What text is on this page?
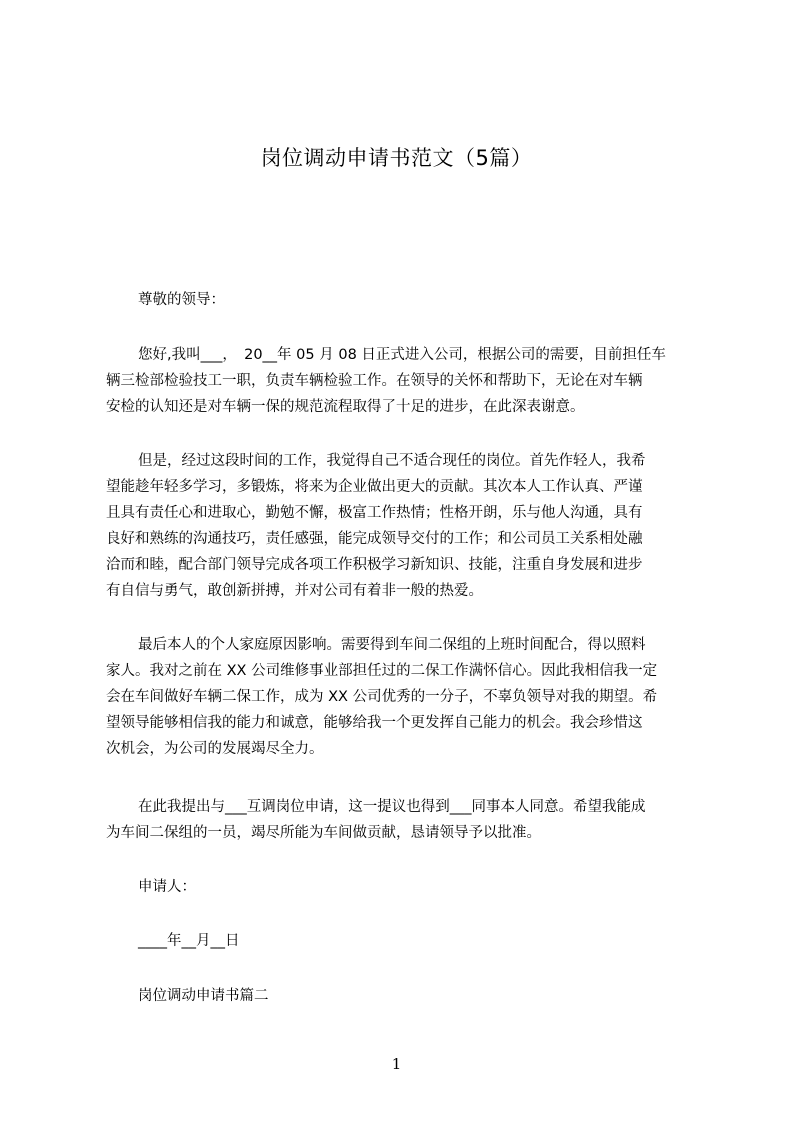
岗位调动申请书范文（5篇）
尊敬的领导：
您好,我叫___，　20__年 05 月 08 日正式进入公司，根据公司的需要，目前担任车
辆三检部检验技工一职，负责车辆检验工作。在领导的关怀和帮助下，无论在对车辆
安检的认知还是对车辆一保的规范流程取得了十足的进步，在此深表谢意。
但是，经过这段时间的工作，我觉得自己不适合现任的岗位。首先作轻人，我希
望能趁年轻多学习，多锻炼，将来为企业做出更大的贡献。其次本人工作认真、严谨
且具有责任心和进取心，勤勉不懈，极富工作热情；性格开朗，乐与他人沟通，具有
良好和熟练的沟通技巧，责任感强，能完成领导交付的工作；和公司员工关系相处融
洽而和睦，配合部门领导完成各项工作积极学习新知识、技能，注重自身发展和进步
有自信与勇气，敢创新拼搏，并对公司有着非一般的热爱。
最后本人的个人家庭原因影响。需要得到车间二保组的上班时间配合，得以照料
家人。我对之前在 XX 公司维修事业部担任过的二保工作满怀信心。因此我相信我一定
会在车间做好车辆二保工作，成为 XX 公司优秀的一分子，不辜负领导对我的期望。希
望领导能够相信我的能力和诚意，能够给我一个更发挥自己能力的机会。我会珍惜这
次机会，为公司的发展竭尽全力。
在此我提出与___互调岗位申请，这一提议也得到___同事本人同意。希望我能成
为车间二保组的一员，竭尽所能为车间做贡献，恳请领导予以批准。
申请人：
____年__月__日
岗位调动申请书篇二
1
